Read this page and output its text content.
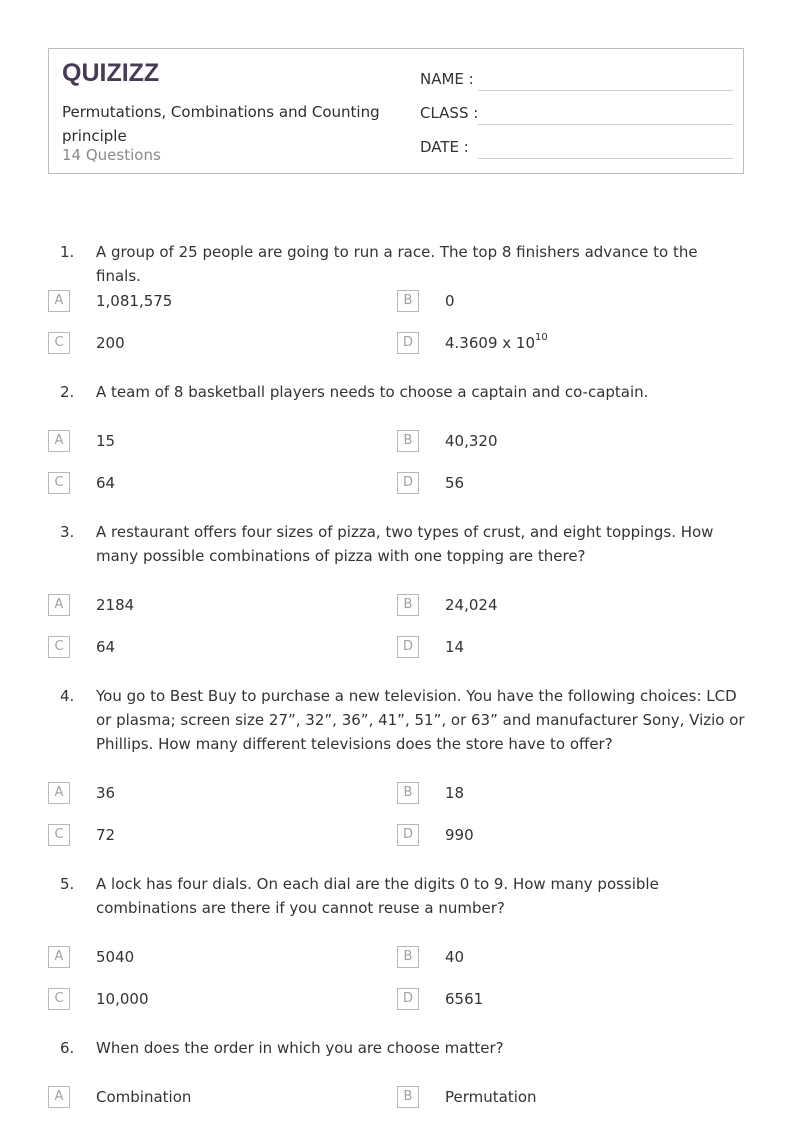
QUIZIZZ
Permutations, Combinations and Counting principle
14 Questions
NAME :
CLASS :
DATE :
1. A group of 25 people are going to run a race. The top 8 finishers advance to the finals.
A	1,081,575	B	0
C	200	D	4.3609 x $10^{10}$
2. A team of 8 basketball players needs to choose a captain and co-captain.
A	15	B	40,320
C	64	D	56
3. A restaurant offers four sizes of pizza, two types of crust, and eight toppings. How many possible combinations of pizza with one topping are there?
A	2184	B	24,024
C	64	D	14
4. You go to Best Buy to purchase a new television. You have the following choices: LCD or plasma; screen size 27”, 32”, 36”, 41”, 51”, or 63” and manufacturer Sony, Vizio or Phillips. How many different televisions does the store have to offer?
A	36	B	18
C	72	D	990
5. A lock has four dials. On each dial are the digits 0 to 9. How many possible combinations are there if you cannot reuse a number?
A	5040	B	40
C	10,000	D	6561
6. When does the order in which you are choose matter?
A	Combination	B	Permutation
